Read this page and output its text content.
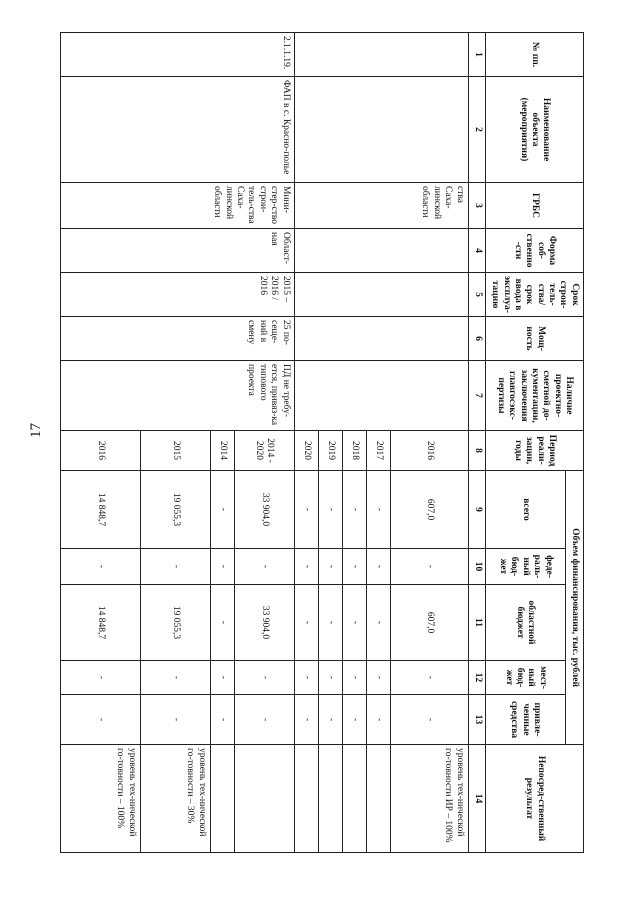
17
№ пп.	Наименование объекта (мероприятия)	ГРБС	Форма соб-ственно-сти	Срок строи-тель-ства/срок ввода в эксплуа-тацию	Мощ-ность	Наличие проектно-сметной до-кументации, заключения главгосэкс-пертизы	Период реали-зации, годы	Объем финансирования, тыс. рублей					Непосред-ственный результат
								всего	феде-раль-ный бюд-жет	областной бюджет	мест-ный бюд-жет	привле-ченные средства	
1	2	3	4	5	6	7	8	9	10	11	12	13	14
		ства Саха-линской области					2016	607,0	-	607,0	-	-	уровень тех-нической го-товности ИР – 100%
							2017	-	-	-	-	-	
							2018	-	-	-	-	-	
							2019	-	-	-	-	-	
							2020	-	-	-	-	-	
2.1.1.19.	ФАП в с. Красно-полье	Мини-стер-ство строи-тель-ства Саха-линской области	Област-ная	2015 – 2016 / 2016	25 по-сеще-ний в смену	ПД не требу-ется, привяз-ка типового проекта	2014 - 2020	33 904,0	-	33 904,0	-	-	
							2014	-	-	-	-	-	
							2015	19 055,3	-	19 055,3	-	-	уровень тех-нической го-товности – 30%
							2016	14 848,7	-	14 848,7	-	-	уровень тех-нической го-товности – 100%
